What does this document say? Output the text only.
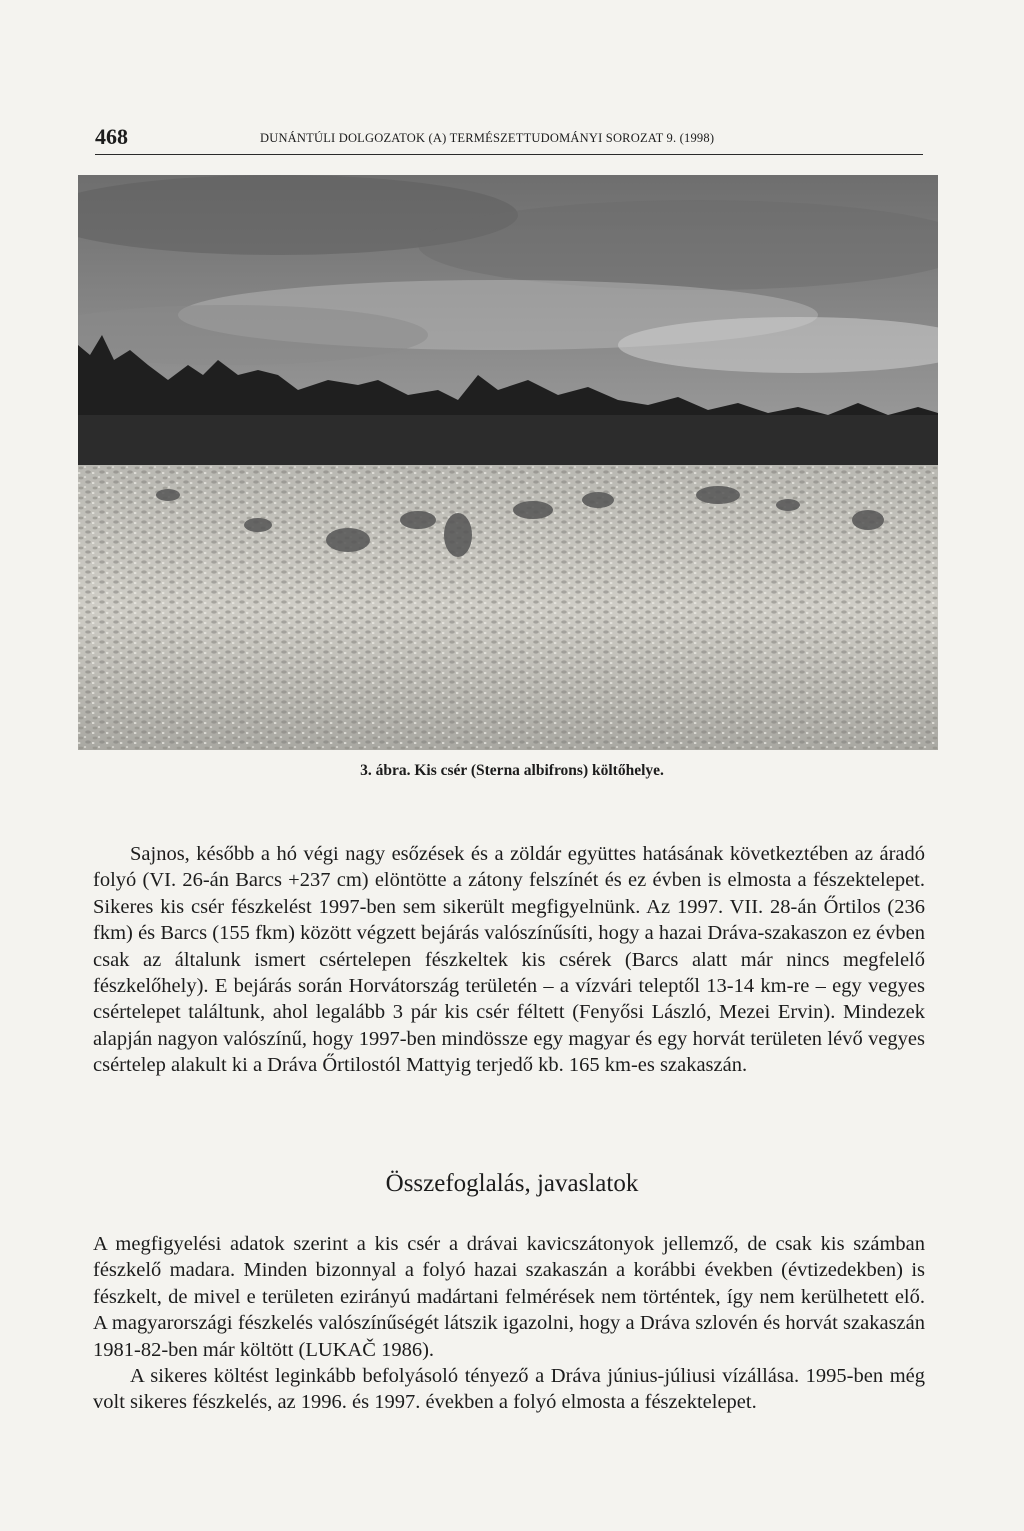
468	DUNÁNTÚLI DOLGOZATOK (A) TERMÉSZETTUDOMÁNYI SOROZAT 9. (1998)
3. ábra. Kis csér (Sterna albifrons) költőhelye.

Sajnos, később a hó végi nagy esőzések és a zöldár együttes hatásának következtében az áradó folyó (VI. 26-án Barcs +237 cm) elöntötte a zátony felszínét és ez évben is elmosta a fészektelepet. Sikeres kis csér fészkelést 1997-ben sem sikerült megfigyelnünk. Az 1997. VII. 28-án Őrtilos (236 fkm) és Barcs (155 fkm) között végzett bejárás valószínűsíti, hogy a hazai Dráva-szakaszon ez évben csak az általunk ismert csértelepen fészkeltek kis csérek (Barcs alatt már nincs megfelelő fészkelőhely). E bejárás során Horvátország területén – a vízvári teleptől 13-14 km-re – egy vegyes csértelepet találtunk, ahol legalább 3 pár kis csér féltett (Fenyősi László, Mezei Ervin). Mindezek alapján nagyon valószínű, hogy 1997-ben mindössze egy magyar és egy horvát területen lévő vegyes csértelep alakult ki a Dráva Őrtilostól Mattyig terjedő kb. 165 km-es szakaszán.

Összefoglalás, javaslatok

A megfigyelési adatok szerint a kis csér a drávai kavicszátonyok jellemző, de csak kis számban fészkelő madara. Minden bizonnyal a folyó hazai szakaszán a korábbi években (évtizedekben) is fészkelt, de mivel e területen ezirányú madártani felmérések nem történtek, így nem kerülhetett elő. A magyarországi fészkelés valószínűségét látszik igazolni, hogy a Dráva szlovén és horvát szakaszán 1981-82-ben már költött (LUKAČ 1986).

A sikeres költést leginkább befolyásoló tényező a Dráva június-júliusi vízállása. 1995-ben még volt sikeres fészkelés, az 1996. és 1997. években a folyó elmosta a fészektelepet.
